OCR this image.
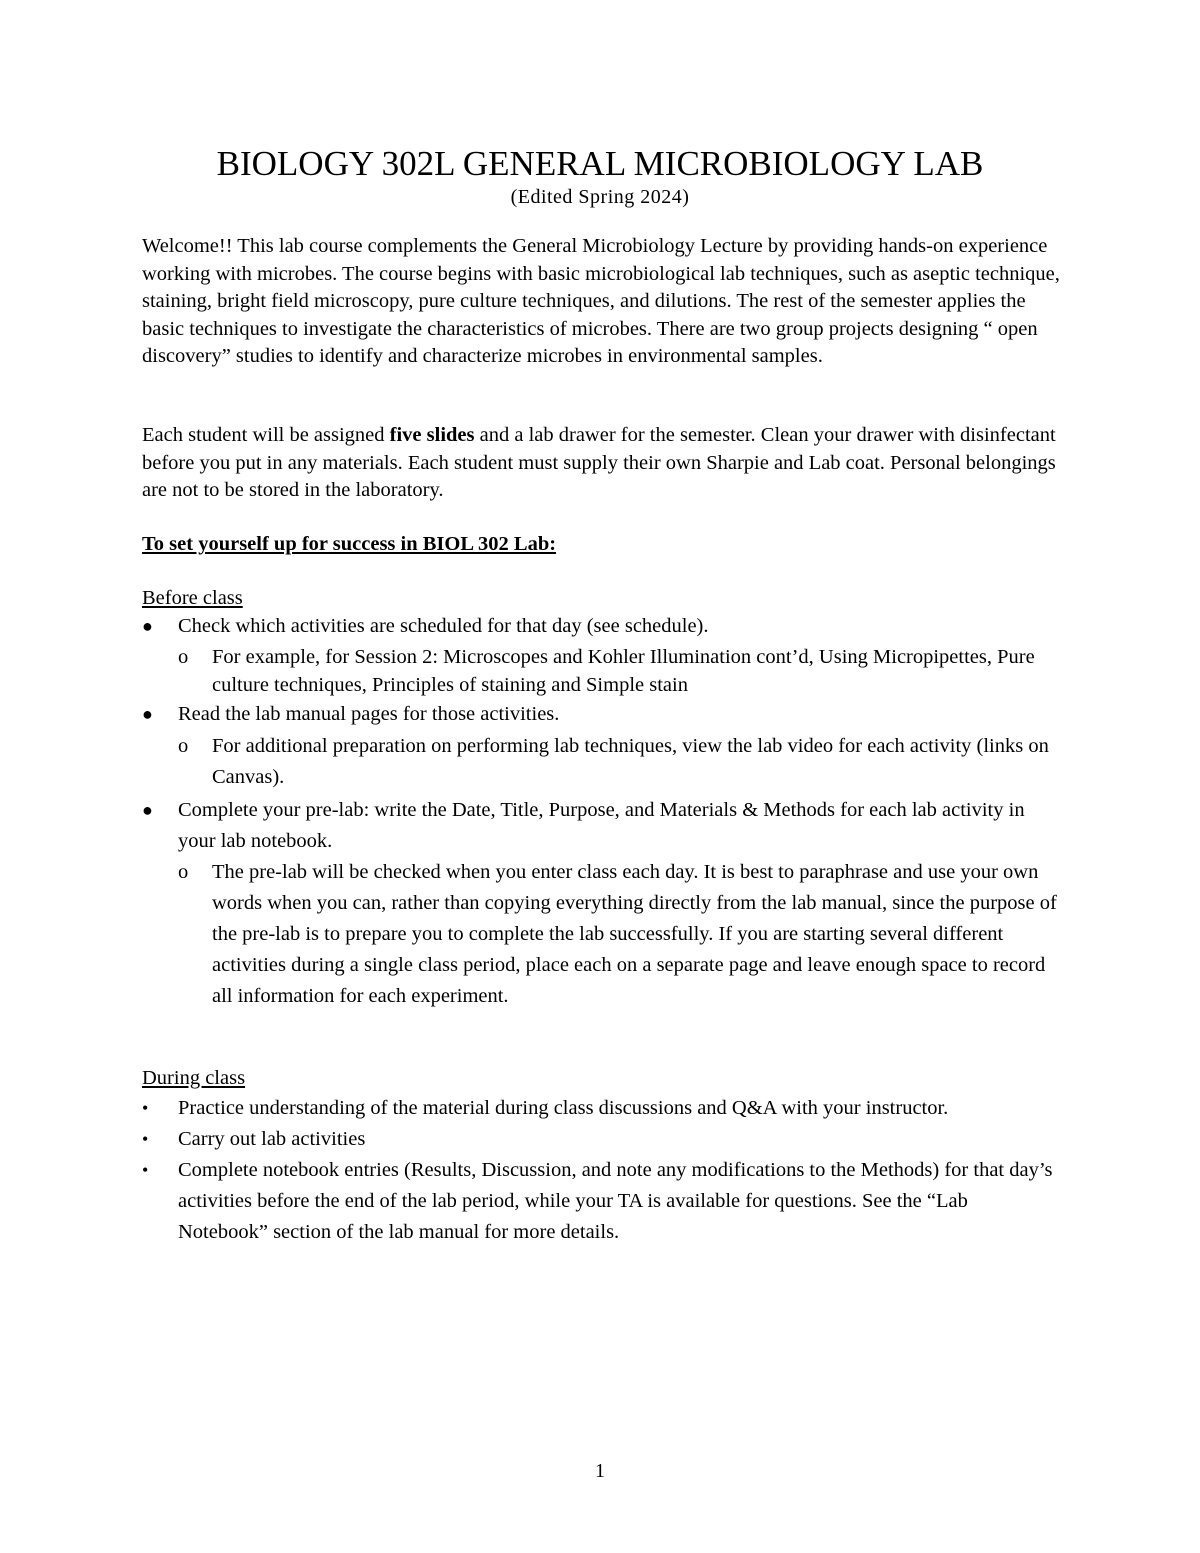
BIOLOGY 302L GENERAL MICROBIOLOGY LAB
(Edited Spring 2024)

Welcome!! This lab course complements the General Microbiology Lecture by providing hands-on experience working with microbes. The course begins with basic microbiological lab techniques, such as aseptic technique, staining, bright field microscopy, pure culture techniques, and dilutions. The rest of the semester applies the basic techniques to investigate the characteristics of microbes. There are two group projects designing “ open discovery” studies to identify and characterize microbes in environmental samples.

Each student will be assigned five slides and a lab drawer for the semester. Clean your drawer with disinfectant before you put in any materials. Each student must supply their own Sharpie and Lab coat. Personal belongings are not to be stored in the laboratory.

To set yourself up for success in BIOL 302 Lab:

Before class

●	Check which activities are scheduled for that day (see schedule).
o	For example, for Session 2: Microscopes and Kohler Illumination cont’d, Using Micropipettes, Pure culture techniques, Principles of staining and Simple stain
●	Read the lab manual pages for those activities.
o	For additional preparation on performing lab techniques, view the lab video for each activity (links on Canvas).
●	Complete your pre-lab: write the Date, Title, Purpose, and Materials & Methods for each lab activity in your lab notebook.
o	The pre-lab will be checked when you enter class each day. It is best to paraphrase and use your own words when you can, rather than copying everything directly from the lab manual, since the purpose of the pre-lab is to prepare you to complete the lab successfully. If you are starting several different activities during a single class period, place each on a separate page and leave enough space to record all information for each experiment.

During class

•	Practice understanding of the material during class discussions and Q&A with your instructor.
•	Carry out lab activities
•	Complete notebook entries (Results, Discussion, and note any modifications to the Methods) for that day’s activities before the end of the lab period, while your TA is available for questions. See the “Lab Notebook” section of the lab manual for more details.
1
